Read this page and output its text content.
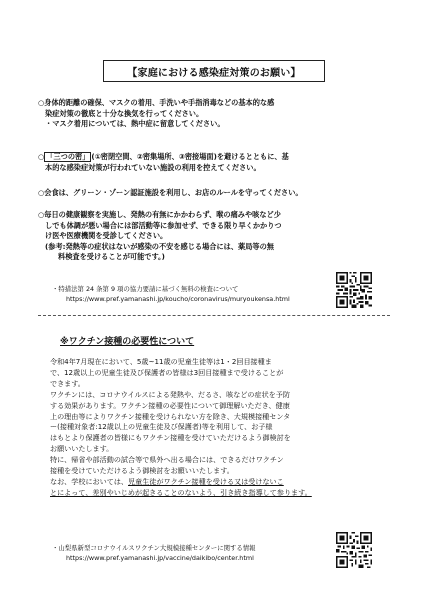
【家庭における感染症対策のお願い】
○身体的距離の確保、マスクの着用、手洗いや手指消毒などの基本的な感
染症対策の徹底と十分な換気を行ってください。
・マスク着用については、熱中症に留意してください。
○ 「三つの密」 (①密閉空間、②密集場所、③密接場面)を避けるとともに、基
本的な感染症対策が行われていない施設の利用を控えてください。
○会食は、グリーン・ゾーン認証施設を利用し、お店のルールを守ってください。
○毎日の健康観察を実施し、発熱の有無にかかわらず、喉の痛みや咳など少
しでも体調が悪い場合には部活動等に参加せず、できる限り早くかかりつ
け医や医療機関を受診してください。
(参考:発熱等の症状はないが感染の不安を感じる場合には、薬局等の無
料検査を受けることが可能です。)
・特措法第 24 条第 9 項の協力要請に基づく無料の検査について
https://www.pref.yamanashi.jp/koucho/coronavirus/muryoukensa.html
※ワクチン接種の必要性について
令和4年7月現在において、5歳~11歳の児童生徒等は1・2回目接種ま
で、12歳以上の児童生徒及び保護者の皆様は3回目接種まで受けることが
できます。
ワクチンには、コロナウイルスによる発熱や、だるさ、咳などの症状を予防
する効果があります。ワクチン接種の必要性について御理解いただき、健康
上の理由等によりワクチン接種を受けられない方を除き、大規模接種センタ
ー(接種対象者:12歳以上の児童生徒及び保護者)等を利用して、お子様
はもとより保護者の皆様にもワクチン接種を受けていただけるよう御検討を
お願いいたします。
特に、帰省や部活動の試合等で県外へ出る場合には、できるだけワクチン
接種を受けていただけるよう御検討をお願いいたします。
なお、学校においては、児童生徒がワクチン接種を受ける又は受けないこ
とによって、差別やいじめが起きることのないよう、引き続き指導して参ります。
・山梨県新型コロナウイルスワクチン大規模接種センターに関する情報
https://www.pref.yamanashi.jp/vaccine/daikibo/center.html
